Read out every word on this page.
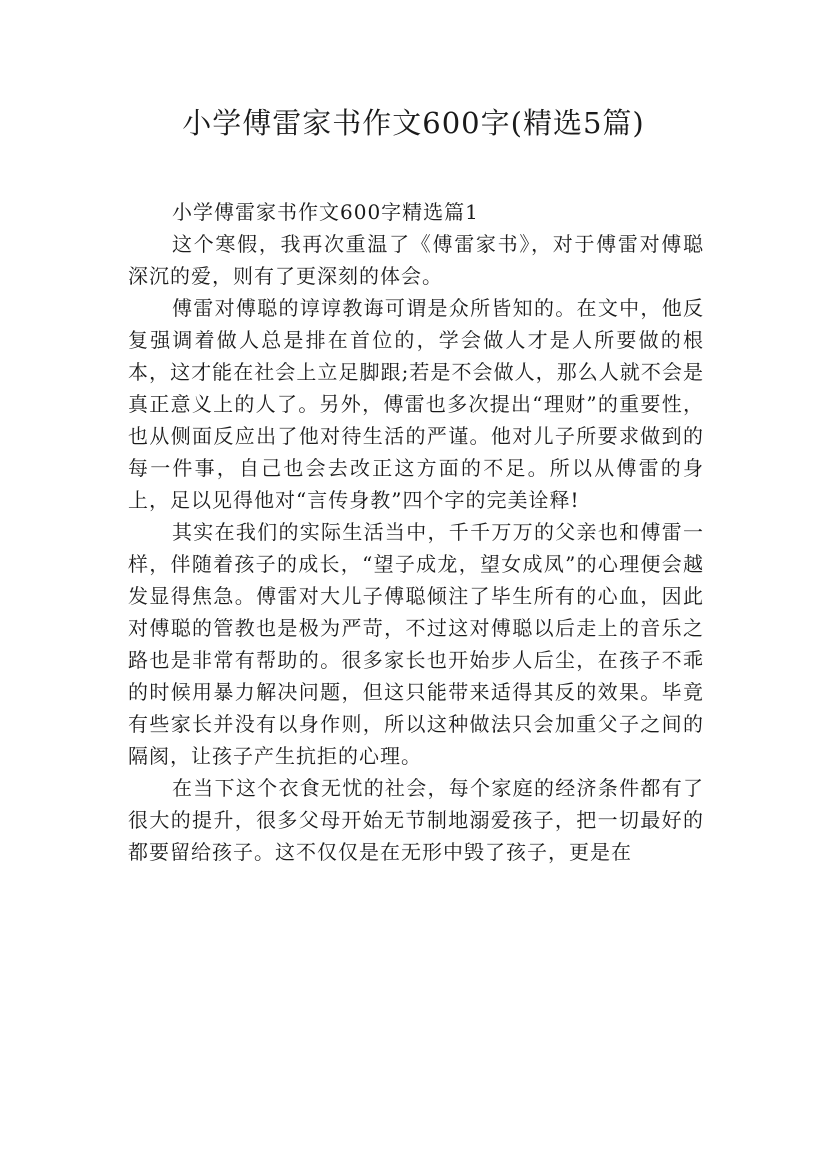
小学傅雷家书作文600字(精选5篇)

小学傅雷家书作文600字精选篇1

这个寒假，我再次重温了《傅雷家书》，对于傅雷对傅聪深沉的爱，则有了更深刻的体会。

傅雷对傅聪的谆谆教诲可谓是众所皆知的。在文中，他反复强调着做人总是排在首位的，学会做人才是人所要做的根本，这才能在社会上立足脚跟;若是不会做人，那么人就不会是真正意义上的人了。另外，傅雷也多次提出“理财”的重要性，也从侧面反应出了他对待生活的严谨。他对儿子所要求做到的每一件事，自己也会去改正这方面的不足。所以从傅雷的身上，足以见得他对“言传身教”四个字的完美诠释!

其实在我们的实际生活当中，千千万万的父亲也和傅雷一样，伴随着孩子的成长，“望子成龙，望女成凤”的心理便会越发显得焦急。傅雷对大儿子傅聪倾注了毕生所有的心血，因此对傅聪的管教也是极为严苛，不过这对傅聪以后走上的音乐之路也是非常有帮助的。很多家长也开始步人后尘，在孩子不乖的时候用暴力解决问题，但这只能带来适得其反的效果。毕竟有些家长并没有以身作则，所以这种做法只会加重父子之间的隔阂，让孩子产生抗拒的心理。

在当下这个衣食无忧的社会，每个家庭的经济条件都有了很大的提升，很多父母开始无节制地溺爱孩子，把一切最好的都要留给孩子。这不仅仅是在无形中毁了孩子，更是在
